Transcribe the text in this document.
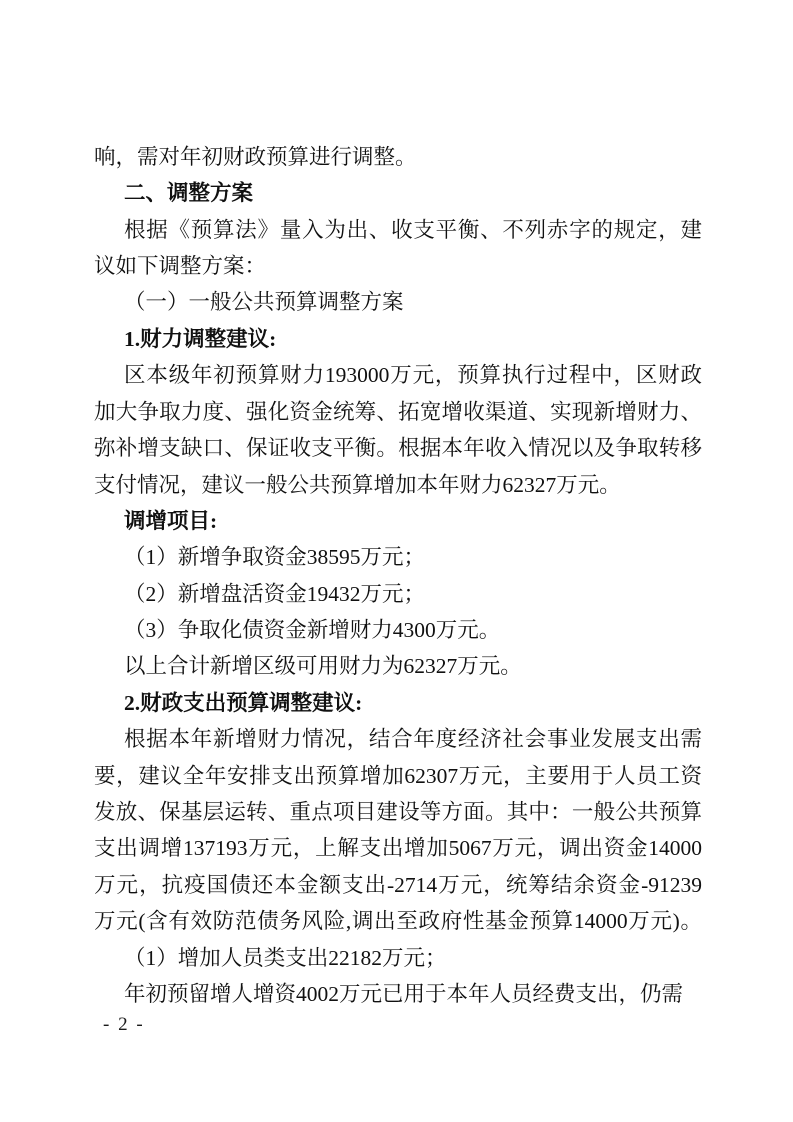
响，需对年初财政预算进行调整。
二、调整方案
根据《预算法》量入为出、收支平衡、不列赤字的规定，建
议如下调整方案：
（一）一般公共预算调整方案
1.财力调整建议:
区本级年初预算财力193000万元，预算执行过程中，区财政
加大争取力度、强化资金统筹、拓宽增收渠道、实现新增财力、
弥补增支缺口、保证收支平衡。根据本年收入情况以及争取转移
支付情况，建议一般公共预算增加本年财力62327万元。
调增项目:
（1）新增争取资金38595万元；
（2）新增盘活资金19432万元；
（3）争取化债资金新增财力4300万元。
以上合计新增区级可用财力为62327万元。
2.财政支出预算调整建议:
根据本年新增财力情况，结合年度经济社会事业发展支出需
要，建议全年安排支出预算增加62307万元，主要用于人员工资
发放、保基层运转、重点项目建设等方面。其中：一般公共预算
支出调增137193万元，上解支出增加5067万元，调出资金14000
万元，抗疫国债还本金额支出-2714万元，统筹结余资金-91239
万元(含有效防范债务风险,调出至政府性基金预算14000万元)。
（1）增加人员类支出22182万元；
年初预留增人增资4002万元已用于本年人员经费支出，仍需
- 2 -
